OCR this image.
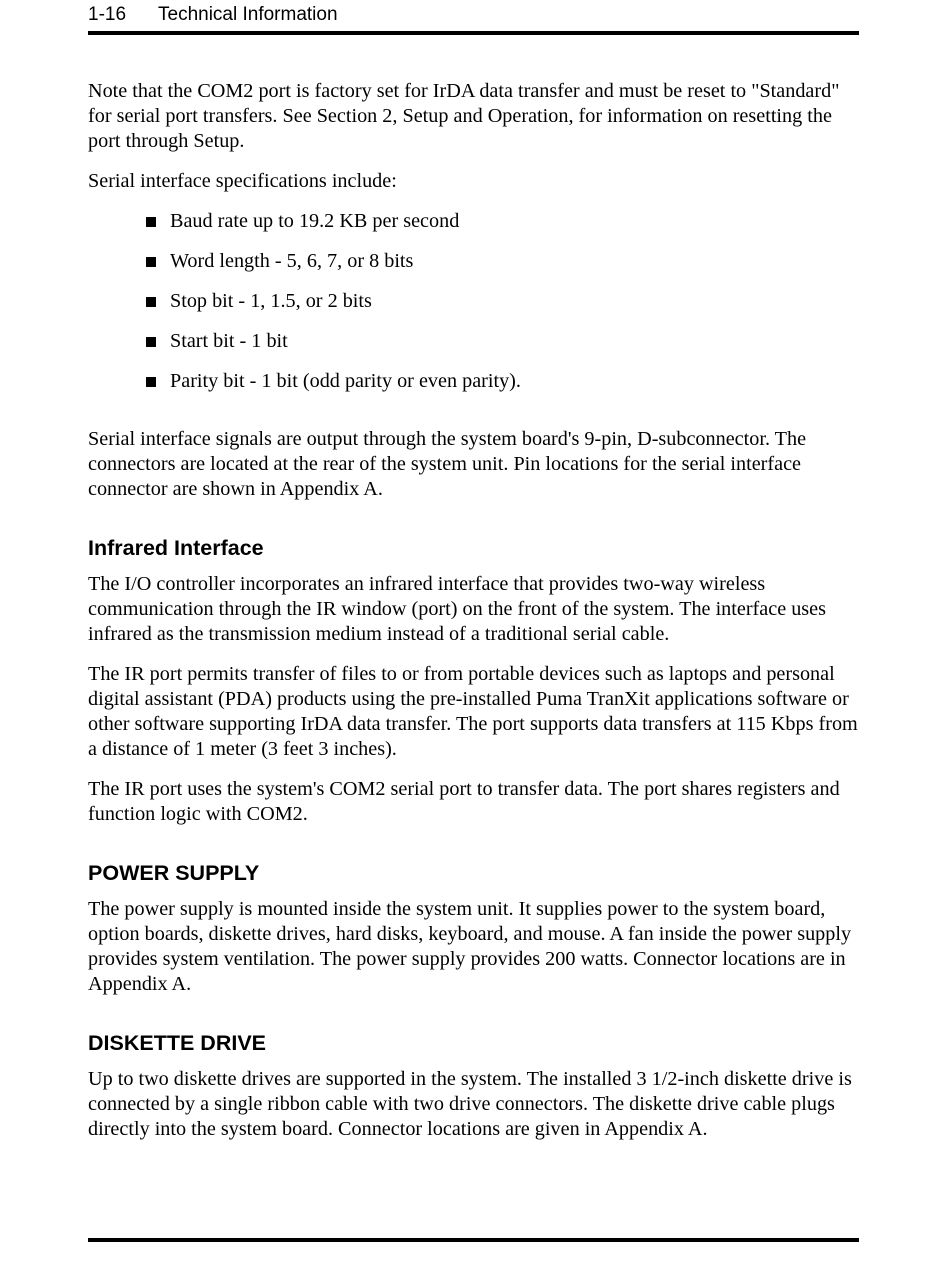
1-16 Technical Information

Note that the COM2 port is factory set for IrDA data transfer and must be reset to "Standard" for serial port transfers. See Section 2, Setup and Operation, for information on resetting the port through Setup.

Serial interface specifications include:

Baud rate up to 19.2 KB per second
Word length - 5, 6, 7, or 8 bits
Stop bit - 1, 1.5, or 2 bits
Start bit - 1 bit
Parity bit - 1 bit (odd parity or even parity).

Serial interface signals are output through the system board's 9-pin, D-subconnector. The connectors are located at the rear of the system unit. Pin locations for the serial interface connector are shown in Appendix A.

Infrared Interface

The I/O controller incorporates an infrared interface that provides two-way wireless communication through the IR window (port) on the front of the system. The interface uses infrared as the transmission medium instead of a traditional serial cable.

The IR port permits transfer of files to or from portable devices such as laptops and personal digital assistant (PDA) products using the pre-installed Puma TranXit applications software or other software supporting IrDA data transfer. The port supports data transfers at 115 Kbps from a distance of 1 meter (3 feet 3 inches).

The IR port uses the system's COM2 serial port to transfer data. The port shares registers and function logic with COM2.

POWER SUPPLY

The power supply is mounted inside the system unit. It supplies power to the system board, option boards, diskette drives, hard disks, keyboard, and mouse. A fan inside the power supply provides system ventilation. The power supply provides 200 watts. Connector locations are in Appendix A.

DISKETTE DRIVE

Up to two diskette drives are supported in the system. The installed 3 1/2-inch diskette drive is connected by a single ribbon cable with two drive connectors. The diskette drive cable plugs directly into the system board. Connector locations are given in Appendix A.
